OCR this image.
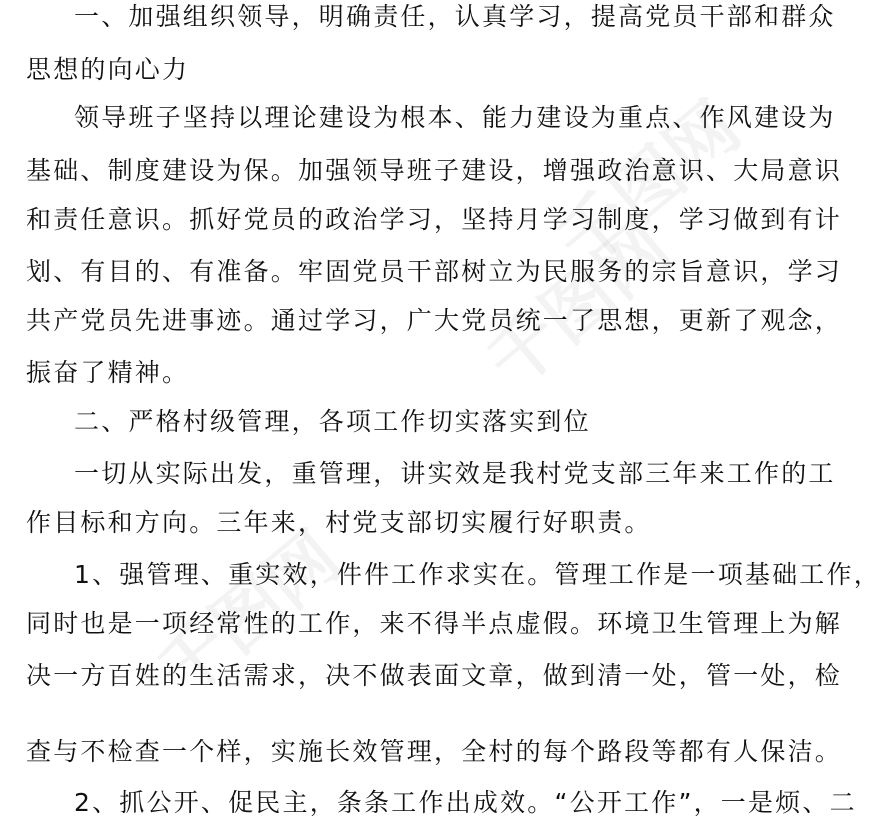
千图网
千图网
千图网
一、加强组织领导，明确责任，认真学习，提高党员干部和群众
思想的向心力
领导班子坚持以理论建设为根本、能力建设为重点、作风建设为
基础、制度建设为保。加强领导班子建设，增强政治意识、大局意识
和责任意识。抓好党员的政治学习，坚持月学习制度，学习做到有计
划、有目的、有准备。牢固党员干部树立为民服务的宗旨意识，学习
共产党员先进事迹。通过学习，广大党员统一了思想，更新了观念，
振奋了精神。
二、严格村级管理，各项工作切实落实到位
一切从实际出发，重管理，讲实效是我村党支部三年来工作的工
作目标和方向。三年来，村党支部切实履行好职责。
1、强管理、重实效，件件工作求实在。管理工作是一项基础工作，
同时也是一项经常性的工作，来不得半点虚假。环境卫生管理上为解
决一方百姓的生活需求，决不做表面文章，做到清一处，管一处，检
查与不检查一个样，实施长效管理，全村的每个路段等都有人保洁。
2、抓公开、促民主，条条工作出成效。“公开工作”，一是烦、二
